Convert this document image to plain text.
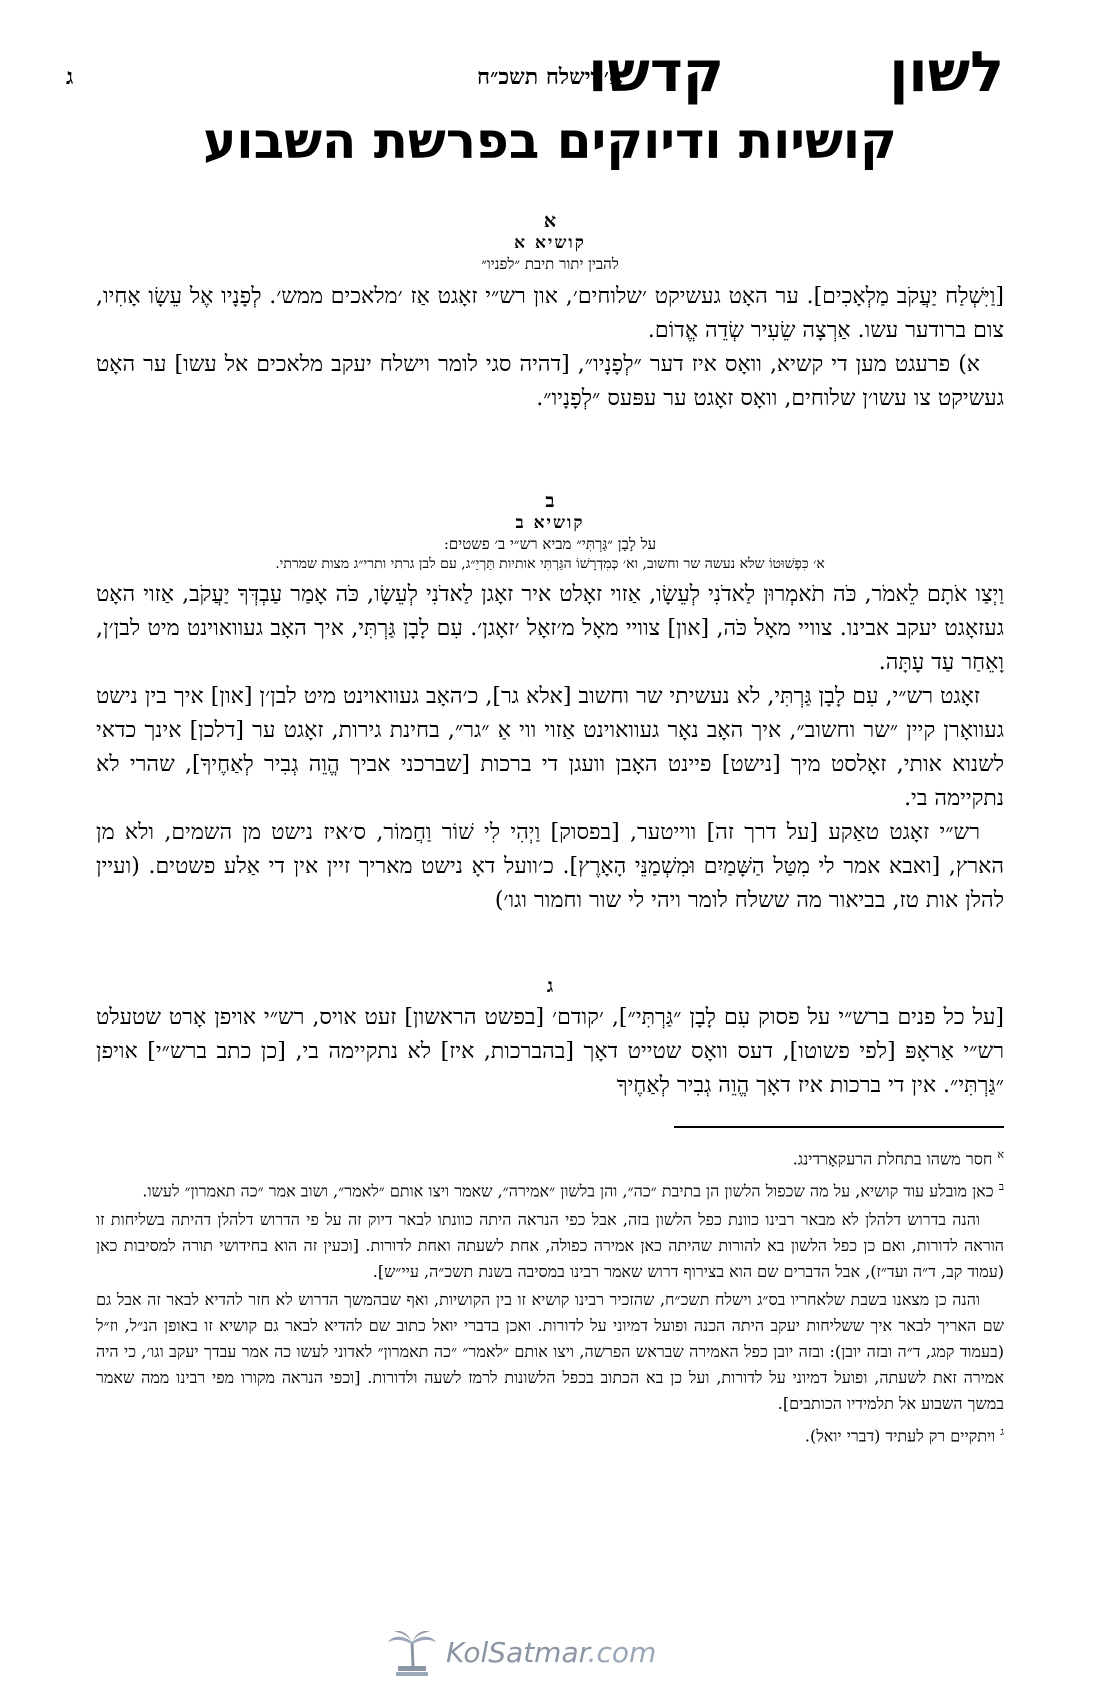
לשון
קדשו
א׳ וישלח תשכ״ח
ג
קושיות ודיוקים בפרשת השבוע
א
קושיא א
להבין יתור תיבת ״לפניו״
[וַיִּשְׁלַח יַעֲקֹב מַלְאָכִים]. ער האָט געשיקט ׳שלוחים׳, און רש״י זאָגט אַז ׳מלאכים ממש׳. לְפָנָיו אֶל עֵשָׂו אָחִיו, צום ברודער עשו. אַרְצָה שֵׂעִיר שְׂדֵה אֱדוֹם.
א) פרעגט מען די קשיא, וואָס איז דער ״לְפָנָיו״, [דהיה סגי לומר וישלח יעקב מלאכים אל עשו] ער האָט געשיקט צו עשו׳ן שלוחים, וואָס זאָגט ער עפּעס ״לְפָנָיו״.
ב
קושיא ב
על לָבָן ״גַּרְתִּי״ מביא רש״י ב׳ פשטים:
א׳ כִּפְשׁוּטוֹ שלא נעשה שר וחשוב, וא׳ כְּמִדְרָשׁוֹ הגַּרְתִּי אותיות תַּרְיַ״ג, עם לבן גרתי ותרי״ג מצות שמרתי.
וַיְצַו אֹתָם לֵאמֹר, כֹּה תֹאמְרוּן לַאדֹנִי לְעֵשָׂו, אַזוי זאָלט איר זאָגן לַאדֹנִי לְעֵשָׂו, כֹּה אָמַר עַבְדְּךָ יַעֲקֹב, אַזוי האָט געזאָגט יעקב אבינו. צוויי מאָל כֹּה, [און] צוויי מאָל מ׳זאָל ׳זאָגן׳. עִם לָבָן גַּרְתִּי, איך האָב געוואוינט מיט לבן׳ן, וָאֵחַר עַד עָתָּה.
זאָגט רש״י, עִם לָבָן גַּרְתִּי, לא נעשיתי שר וחשוב [אלא גר], כ׳האָב געוואוינט מיט לבן׳ן [און] איך בין נישט געוואָרן קיין ״שר וחשוב״, איך האָב נאָר געוואוינט אַזוי ווי אַ ״גר״, בחינת גירות, זאָגט ער [דלכן] אינך כדאי לשנוא אותי, זאָלסט מיך [נישט] פיינט האָבן וועגן די ברכות [שברכני אביך הֱוֵה גְבִיר לְאַחֶיךָ], שהרי לא נתקיימה בי.
רש״י זאָגט טאַקע [על דרך זה] ווייטער, [בפסוק] וַיְהִי לִי שׁוֹר וַחֲמוֹר, ס׳איז נישט מן השמים, ולא מן הארץ, [ואבא אמר לי מִטַּל הַשָּׁמַיִם וּמִשְׁמַנֵּי הָאָרֶץ]. כ׳וועל דאָ נישט מאריך זיין אין די אַלע פשטים. (ועיין להלן אות טז, בביאור מה ששלח לומר ויהי לי שור וחמור וגו׳)
ג
[על כל פנים ברש״י על פסוק עִם לָבָן ״גַּרְתִּי״], ׳קודם׳ [בפשט הראשון] זעט אויס, רש״י אויפן אָרט שטעלט רש״י אַראָפּ [לפי פשוטו], דעס וואָס שטייט דאָך [בהברכות, איז] לא נתקיימה בי, [כן כתב ברש״י] אויפן ״גַּרְתִּי״. אין די ברכות איז דאָך הֱוֵה גְבִיר לְאַחֶיךָ

$^א$ חסר משהו בתחלת הרעקאָרדינג.

$^ב$ כאן מובלע עוד קושיא, על מה שכפול הלשון הן בתיבת ״כה״, והן בלשון ״אמירה״, שאמר ויצו אותם ״לאמר״, ושוב אמר ״כה תאמרון״ לעשו.

והנה בדרוש דלהלן לא מבאר רבינו כוונת כפל הלשון בזה, אבל כפי הנראה היתה כוונתו לבאר דיוק זה על פי הדרוש דלהלן דהיתה בשליחות זו הוראה לדורות, ואם כן כפל הלשון בא להורות שהיתה כאן אמירה כפולה, אחת לשעתה ואחת לדורות. [וכעין זה הוא בחידושי תורה למסיבות כאן (עמוד קב, ד״ה ועד״ז), אבל הדברים שם הוא בצירוף דרוש שאמר רבינו במסיבה בשנת תשכ״ה, עיי״ש].

והנה כן מצאנו בשבת שלאחריו בס״ג וישלח תשכ״ח, שהזכיר רבינו קושיא זו בין הקושיות, ואף שבהמשך הדרוש לא חזר להדיא לבאר זה אבל גם שם האריך לבאר איך ששליחות יעקב היתה הכנה ופועל דמיוני על לדורות. ואכן בדברי יואל כתוב שם להדיא לבאר גם קושיא זו באופן הנ״ל, וז״ל (בעמוד קמג, ד״ה ובזה יובן): ובזה יובן כפל האמירה שבראש הפרשה, ויצו אותם ״לאמר״ ״כה תאמרון״ לאדוני לעשו כה אמר עבדך יעקב וגו׳, כי היה אמירה זאת לשעתה, ופועל דמיוני על לדורות, ועל כן בא הכתוב בכפל הלשונות לרמז לשעה ולדורות. [וכפי הנראה מקורו מפי רבינו ממה שאמר במשך השבוע אל תלמידיו הכותבים].

$^ג$ ויתקיים רק לעתיד (דברי יואל).

KolSatmar.com
